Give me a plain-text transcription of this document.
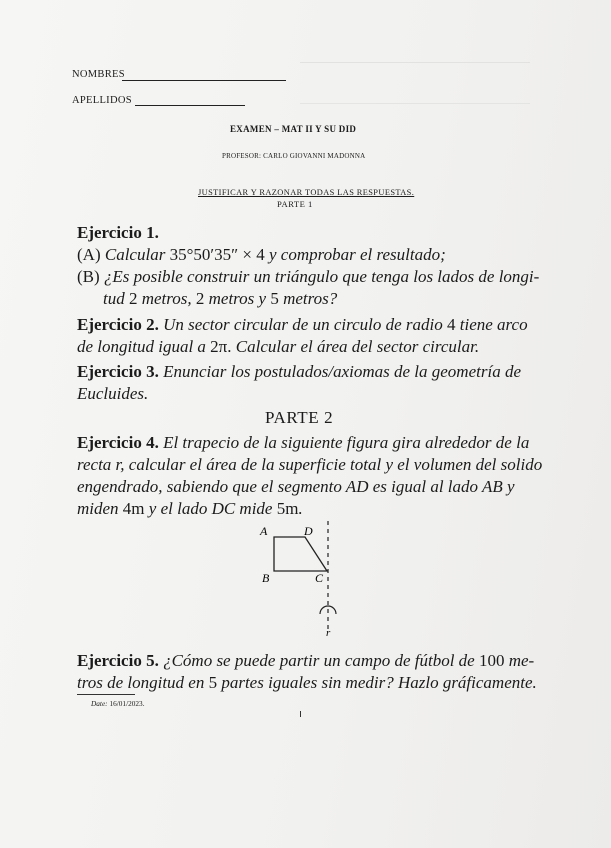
NOMBRES
APELLIDOS
EXAMEN – MAT II Y SU DID
PROFESOR: CARLO GIOVANNI MADONNA
JUSTIFICAR Y RAZONAR TODAS LAS RESPUESTAS.
PARTE 1
Ejercicio 1.
(A) Calcular 35°50′35″ × 4 y comprobar el resultado;
(B) ¿Es posible construir un triángulo que tenga los lados de longi-
tud 2 metros, 2 metros y 5 metros?
Ejercicio 2. Un sector circular de un circulo de radio 4 tiene arco
de longitud igual a 2π. Calcular el área del sector circular.
Ejercicio 3. Enunciar los postulados/axiomas de la geometría de
Eucluides.
PARTE 2
Ejercicio 4. El trapecio de la siguiente figura gira alrededor de la
recta r, calcular el área de la superficie total y el volumen del solido
engendrado, sabiendo que el segmento AD es igual al lado AB y
miden 4m y el lado DC mide 5m.
A	D
B	C
r
Ejercicio 5. ¿Cómo se puede partir un campo de fútbol de 100 me-
tros de longitud en 5 partes iguales sin medir? Hazlo gráficamente.
Date: 16/01/2023.
